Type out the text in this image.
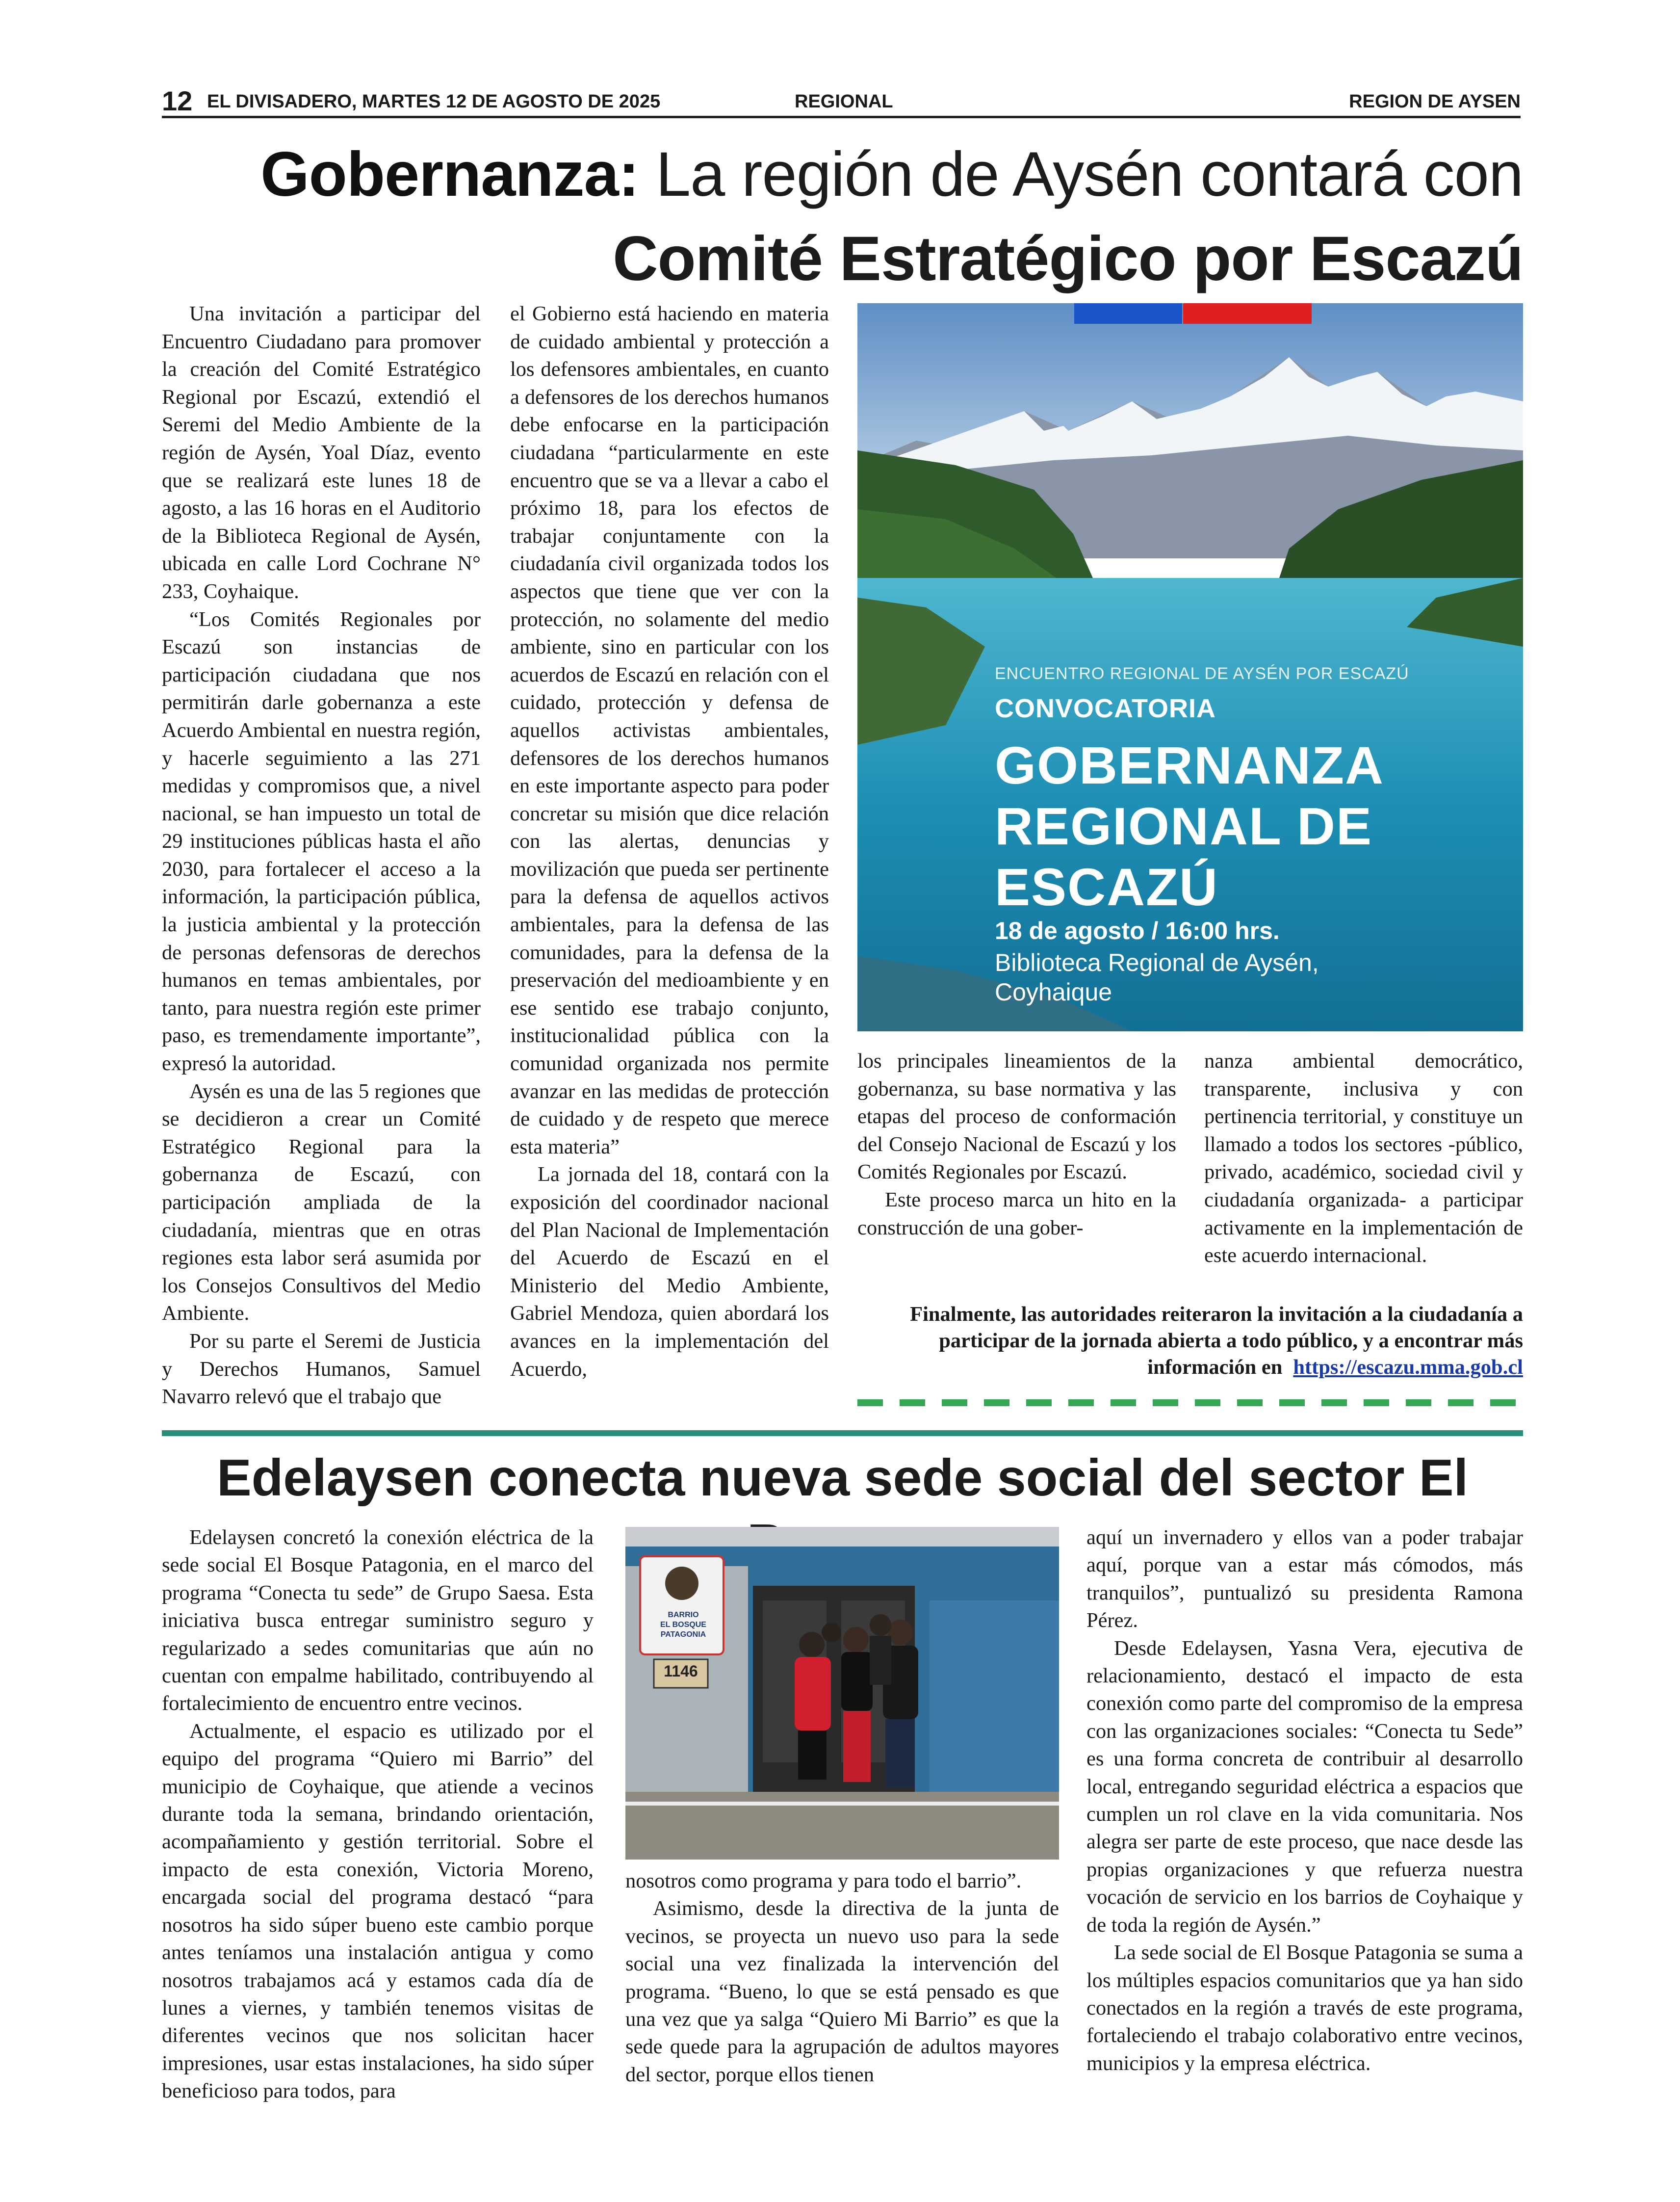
12 EL DIVISADERO, MARTES 12 DE AGOSTO DE 2025	REGIONAL	REGION DE AYSEN
Gobernanza: La región de Aysén contará con
Comité Estratégico por Escazú

Una invitación a participar del Encuentro Ciudadano para promover la creación del Comité Estratégico Regional por Escazú, extendió el Seremi del Medio Ambiente de la región de Aysén, Yoal Díaz, evento que se realizará este lunes 18 de agosto, a las 16 horas en el Auditorio de la Biblioteca Regional de Aysén, ubicada en calle Lord Cochrane N° 233, Coyhaique.

“Los Comités Regionales por Escazú son instancias de participación ciudadana que nos permitirán darle gobernanza a este Acuerdo Ambiental en nuestra región, y hacerle seguimiento a las 271 medidas y compromisos que, a nivel nacional, se han impuesto un total de 29 instituciones públicas hasta el año 2030, para fortalecer el acceso a la información, la participación pública, la justicia ambiental y la protección de personas defensoras de derechos humanos en temas ambientales, por tanto, para nuestra región este primer paso, es tremendamente importante”, expresó la autoridad.

Aysén es una de las 5 regiones que se decidieron a crear un Comité Estratégico Regional para la gobernanza de Escazú, con participación ampliada de la ciudadanía, mientras que en otras regiones esta labor será asumida por los Consejos Consultivos del Medio Ambiente.

Por su parte el Seremi de Justicia y Derechos Humanos, Samuel Navarro relevó que el trabajo que

el Gobierno está haciendo en materia de cuidado ambiental y protección a los defensores ambientales, en cuanto a defensores de los derechos humanos debe enfocarse en la participación ciudadana “particularmente en este encuentro que se va a llevar a cabo el próximo 18, para los efectos de trabajar conjuntamente con la ciudadanía civil organizada todos los aspectos que tiene que ver con la protección, no solamente del medio ambiente, sino en particular con los acuerdos de Escazú en relación con el cuidado, protección y defensa de aquellos activistas ambientales, defensores de los derechos humanos en este importante aspecto para poder concretar su misión que dice relación con las alertas, denuncias y movilización que pueda ser pertinente para la defensa de aquellos activos ambientales, para la defensa de las comunidades, para la defensa de la preservación del medioambiente y en ese sentido ese trabajo conjunto, institucionalidad pública con la comunidad organizada nos permite avanzar en las medidas de protección de cuidado y de respeto que merece esta materia”

La jornada del 18, contará con la exposición del coordinador nacional del Plan Nacional de Implementación del Acuerdo de Escazú en el Ministerio del Medio Ambiente, Gabriel Mendoza, quien abordará los avances en la implementación del Acuerdo,

ENCUENTRO REGIONAL DE AYSÉN POR ESCAZÚ
CONVOCATORIA
GOBERNANZA
REGIONAL DE
ESCAZÚ
18 de agosto / 16:00 hrs.
Biblioteca Regional de Aysén,
Coyhaique

los principales lineamientos de la gobernanza, su base normativa y las etapas del proceso de conformación del Consejo Nacional de Escazú y los Comités Regionales por Escazú.

Este proceso marca un hito en la construcción de una gober-

nanza ambiental democrático, transparente, inclusiva y con pertinencia territorial, y constituye un llamado a todos los sectores -público, privado, académico, sociedad civil y ciudadanía organizada- a participar activamente en la implementación de este acuerdo internacional.

Finalmente, las autoridades reiteraron la invitación a la ciudadanía a participar de la jornada abierta a todo público, y a encontrar más información en https://escazu.mma.gob.cl
Edelaysen conecta nueva sede social del sector El

Edelaysen concretó la conexión eléctrica de la sede social El Bosque Patagonia, en el marco del programa “Conecta tu sede” de Grupo Saesa. Esta iniciativa busca entregar suministro seguro y regularizado a sedes comunitarias que aún no cuentan con empalme habilitado, contribuyendo al fortalecimiento de encuentro entre vecinos.

Actualmente, el espacio es utilizado por el equipo del programa “Quiero mi Barrio” del municipio de Coyhaique, que atiende a vecinos durante toda la semana, brindando orientación, acompañamiento y gestión territorial. Sobre el impacto de esta conexión, Victoria Moreno, encargada social del programa destacó “para nosotros ha sido súper bueno este cambio porque antes teníamos una instalación antigua y como nosotros trabajamos acá y estamos cada día de lunes a viernes, y también tenemos visitas de diferentes vecinos que nos solicitan hacer impresiones, usar estas instalaciones, ha sido súper beneficioso para todos, para

BARRIO
EL BOSQUE PATAGONIA
1146

nosotros como programa y para todo el barrio”.

Asimismo, desde la directiva de la junta de vecinos, se proyecta un nuevo uso para la sede social una vez finalizada la intervención del programa. “Bueno, lo que se está pensado es que una vez que ya salga “Quiero Mi Barrio” es que la sede quede para la agrupación de adultos mayores del sector, porque ellos tienen

aquí un invernadero y ellos van a poder trabajar aquí, porque van a estar más cómodos, más tranquilos”, puntualizó su presidenta Ramona Pérez.

Desde Edelaysen, Yasna Vera, ejecutiva de relacionamiento, destacó el impacto de esta conexión como parte del compromiso de la empresa con las organizaciones sociales: “Conecta tu Sede” es una forma concreta de contribuir al desarrollo local, entregando seguridad eléctrica a espacios que cumplen un rol clave en la vida comunitaria. Nos alegra ser parte de este proceso, que nace desde las propias organizaciones y que refuerza nuestra vocación de servicio en los barrios de Coyhaique y de toda la región de Aysén.”

La sede social de El Bosque Patagonia se suma a los múltiples espacios comunitarios que ya han sido conectados en la región a través de este programa, fortaleciendo el trabajo colaborativo entre vecinos, municipios y la empresa eléctrica.
